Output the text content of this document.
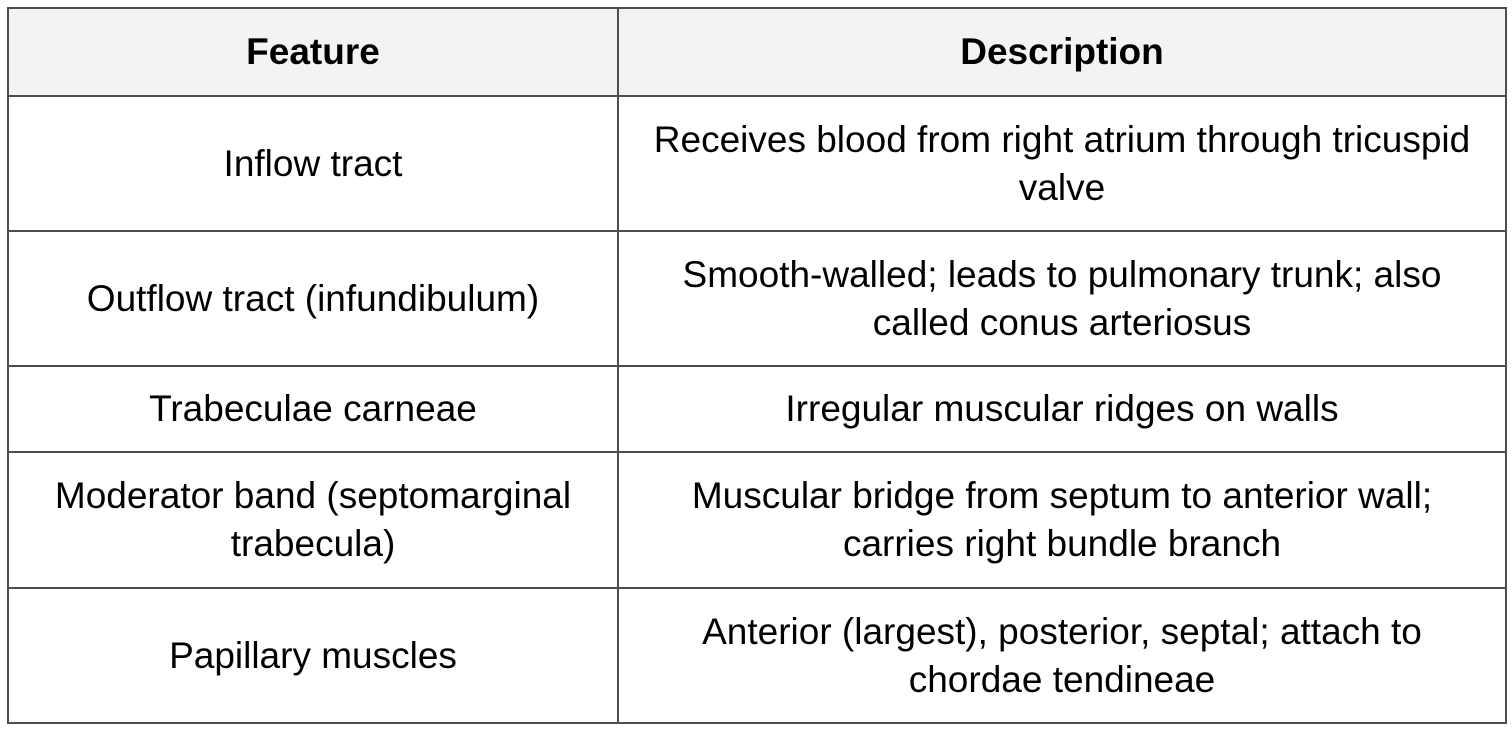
Feature	Description
Inflow tract	Receives blood from right atrium through tricuspid valve
Outflow tract (infundibulum)	Smooth-walled; leads to pulmonary trunk; also called conus arteriosus
Trabeculae carneae	Irregular muscular ridges on walls
Moderator band (septomarginal trabecula)	Muscular bridge from septum to anterior wall; carries right bundle branch
Papillary muscles	Anterior (largest), posterior, septal; attach to chordae tendineae
